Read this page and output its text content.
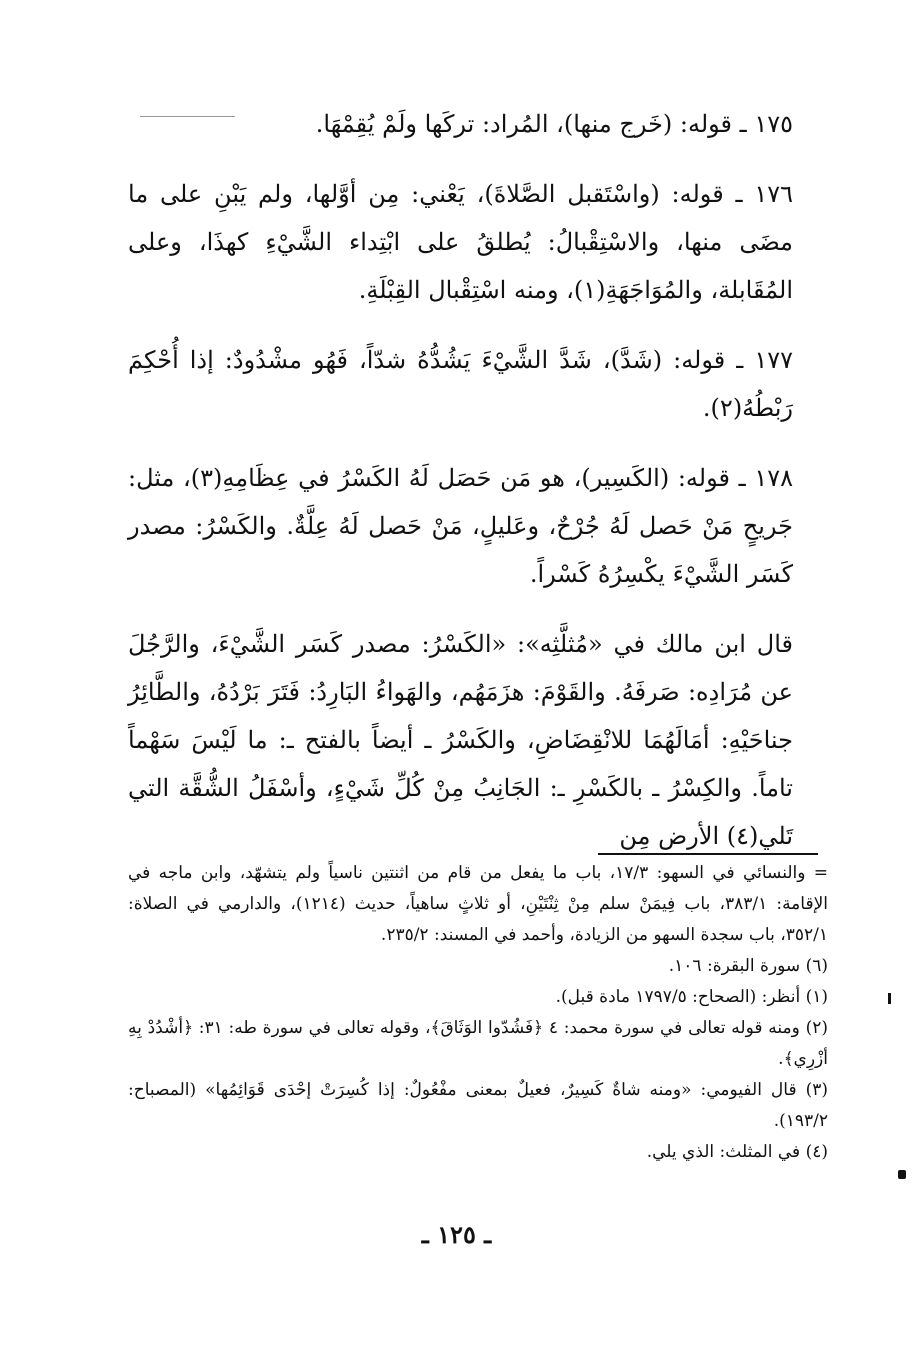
١٧٥ ـ قوله: (خَرج منها)، المُراد: تركَها ولَمْ يُقِمْهَا.

١٧٦ ـ قوله: (واسْتَقبل الصَّلاةَ)، يَعْني: مِن أوَّلها، ولم يَبْنِ على ما مضَى منها، والاسْتِقْبالُ: يُطلقُ على ابْتِداء الشَّيْءِ كهذَا، وعلى المُقَابلة، والمُوَاجَهَةِ(١)، ومنه اسْتِقْبال القِبْلَةِ.

١٧٧ ـ قوله: (شَدَّ)، شَدَّ الشَّيْءَ يَشُدُّهُ شدّاً، فَهُو مشْدُودٌ: إذا أُحْكِمَ رَبْطُهُ(٢).

١٧٨ ـ قوله: (الكَسِير)، هو مَن حَصَل لَهُ الكَسْرُ في عِظَامِهِ(٣)، مثل: جَريحٍ مَنْ حَصل لَهُ جُرْحٌ، وعَليلٍ، مَنْ حَصل لَهُ عِلَّةٌ. والكَسْرُ: مصدر كَسَر الشَّيْءَ يكْسِرُهُ كَسْراً.

قال ابن مالك في «مُثلَّثِه»: «الكَسْرُ: مصدر كَسَر الشَّيْءَ، والرَّجُلَ عن مُرَادِه: صَرفَهُ. والقَوْمَ: هزَمَهُم، والهَواءُ البَارِدُ: فَتَرَ بَرْدُهُ، والطَّائِرُ جناحَيْهِ: أمَالَهُمَا للانْقِضَاضِ، والكَسْرُ ـ أيضاً بالفتح ـ: ما لَيْسَ سَهْماً تاماً. والكِسْرُ ـ بالكَسْرِ ـ: الجَانِبُ مِنْ كُلِّ شَيْءٍ، وأسْفَلُ الشُّقَّة التي تَلي(٤) الأرض مِن

= والنسائي في السهو: ١٧/٣، باب ما يفعل من قام من اثنتين ناسياً ولم يتشهّد، وابن ماجه في الإقامة: ٣٨٣/١، باب فِيمَنْ سلم مِنْ ثِنْتَيْنِ، أو ثلاثٍ ساهياً، حديث (١٢١٤)، والدارمي في الصلاة: ٣٥٢/١، باب سجدة السهو من الزيادة، وأحمد في المسند: ٢٣٥/٢.

(٦) سورة البقرة: ١٠٦.

(١) أنظر: (الصحاح: ١٧٩٧/٥ مادة قبل).

(٢) ومنه قوله تعالى في سورة محمد: ٤ ﴿فَشُدّوا الوَثَاقَ﴾، وقوله تعالى في سورة طه: ٣١: ﴿أشْدُدْ بِهِ أزْرِي﴾.

(٣) قال الفيومي: «ومنه شاةٌ كَسِيرٌ، فعيلٌ بمعنى مفْعُولٌ: إذا كُسِرَتْ إحْدَى قَوَائِمُها» (المصباح: ١٩٣/٢).

(٤) في المثلث: الذي يلي.

ـ ١٢٥ ـ
